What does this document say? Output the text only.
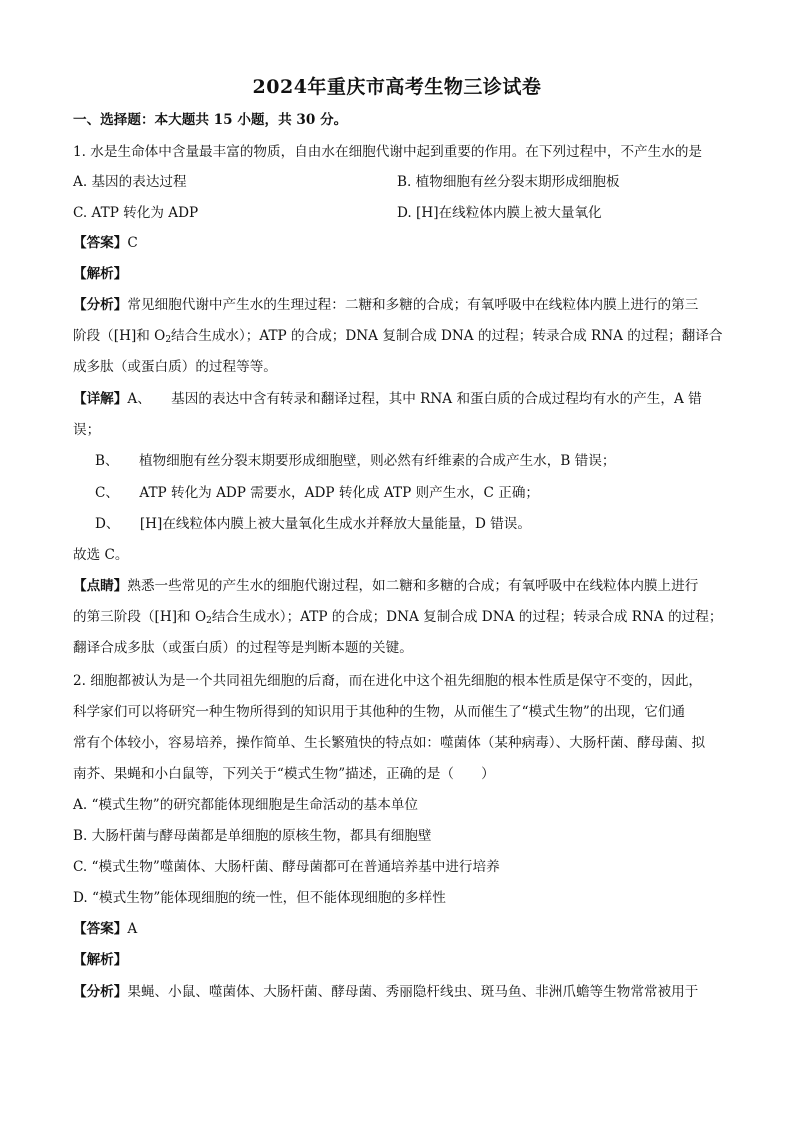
2024年重庆市高考生物三诊试卷
一、选择题：本大题共 15 小题，共 30 分。
1. 水是生命体中含量最丰富的物质，自由水在细胞代谢中起到重要的作用。在下列过程中，不产生水的是
A. 基因的表达过程	B. 植物细胞有丝分裂末期形成细胞板
C. ATP 转化为 ADP	D. [H]在线粒体内膜上被大量氧化
【答案】C
【解析】
【分析】常见细胞代谢中产生水的生理过程：二糖和多糖的合成；有氧呼吸中在线粒体内膜上进行的第三
阶段（[H]和 $O_2$结合生成水）；ATP 的合成；DNA 复制合成 DNA 的过程；转录合成 RNA 的过程；翻译合
成多肽（或蛋白质）的过程等等。
【详解】A、　　基因的表达中含有转录和翻译过程，其中 RNA 和蛋白质的合成过程均有水的产生，A 错
误；
B、　　植物细胞有丝分裂末期要形成细胞壁，则必然有纤维素的合成产生水，B 错误；
C、　　ATP 转化为 ADP 需要水，ADP 转化成 ATP 则产生水，C 正确；
D、　　[H]在线粒体内膜上被大量氧化生成水并释放大量能量，D 错误。
故选 C。
【点睛】熟悉一些常见的产生水的细胞代谢过程，如二糖和多糖的合成；有氧呼吸中在线粒体内膜上进行
的第三阶段（[H]和 $O_2$结合生成水）；ATP 的合成；DNA 复制合成 DNA 的过程；转录合成 RNA 的过程；
翻译合成多肽（或蛋白质）的过程等是判断本题的关键。
2. 细胞都被认为是一个共同祖先细胞的后裔，而在进化中这个祖先细胞的根本性质是保守不变的，因此，
科学家们可以将研究一种生物所得到的知识用于其他种的生物，从而催生了“模式生物”的出现，它们通
常有个体较小，容易培养，操作简单、生长繁殖快的特点如：噬菌体（某种病毒）、大肠杆菌、酵母菌、拟
南芥、果蝇和小白鼠等，下列关于“模式生物”描述，正确的是（　　）
A. “模式生物”的研究都能体现细胞是生命活动的基本单位
B. 大肠杆菌与酵母菌都是单细胞的原核生物，都具有细胞壁
C. “模式生物”噬菌体、大肠杆菌、酵母菌都可在普通培养基中进行培养
D. “模式生物”能体现细胞的统一性，但不能体现细胞的多样性
【答案】A
【解析】
【分析】果蝇、小鼠、噬菌体、大肠杆菌、酵母菌、秀丽隐杆线虫、斑马鱼、非洲爪蟾等生物常常被用于
